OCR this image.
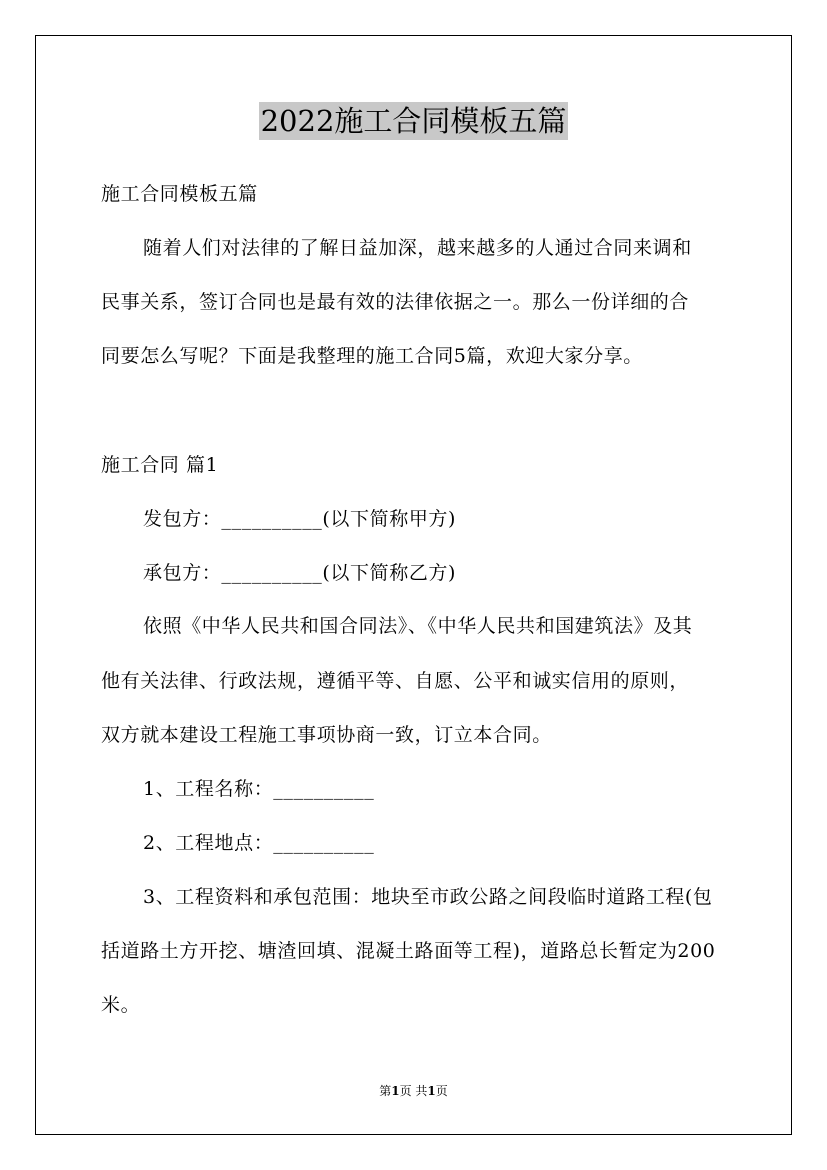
2022施工合同模板五篇
施工合同模板五篇
随着人们对法律的了解日益加深，越来越多的人通过合同来调和
民事关系，签订合同也是最有效的法律依据之一。那么一份详细的合
同要怎么写呢？下面是我整理的施工合同5篇，欢迎大家分享。
施工合同 篇1
发包方：__________(以下简称甲方)
承包方：__________(以下简称乙方)
依照《中华人民共和国合同法》、《中华人民共和国建筑法》及其
他有关法律、行政法规，遵循平等、自愿、公平和诚实信用的原则，
双方就本建设工程施工事项协商一致，订立本合同。
1、工程名称：__________
2、工程地点：__________
3、工程资料和承包范围：地块至市政公路之间段临时道路工程(包
括道路土方开挖、塘渣回填、混凝土路面等工程)，道路总长暂定为200
米。
第1页 共1页
